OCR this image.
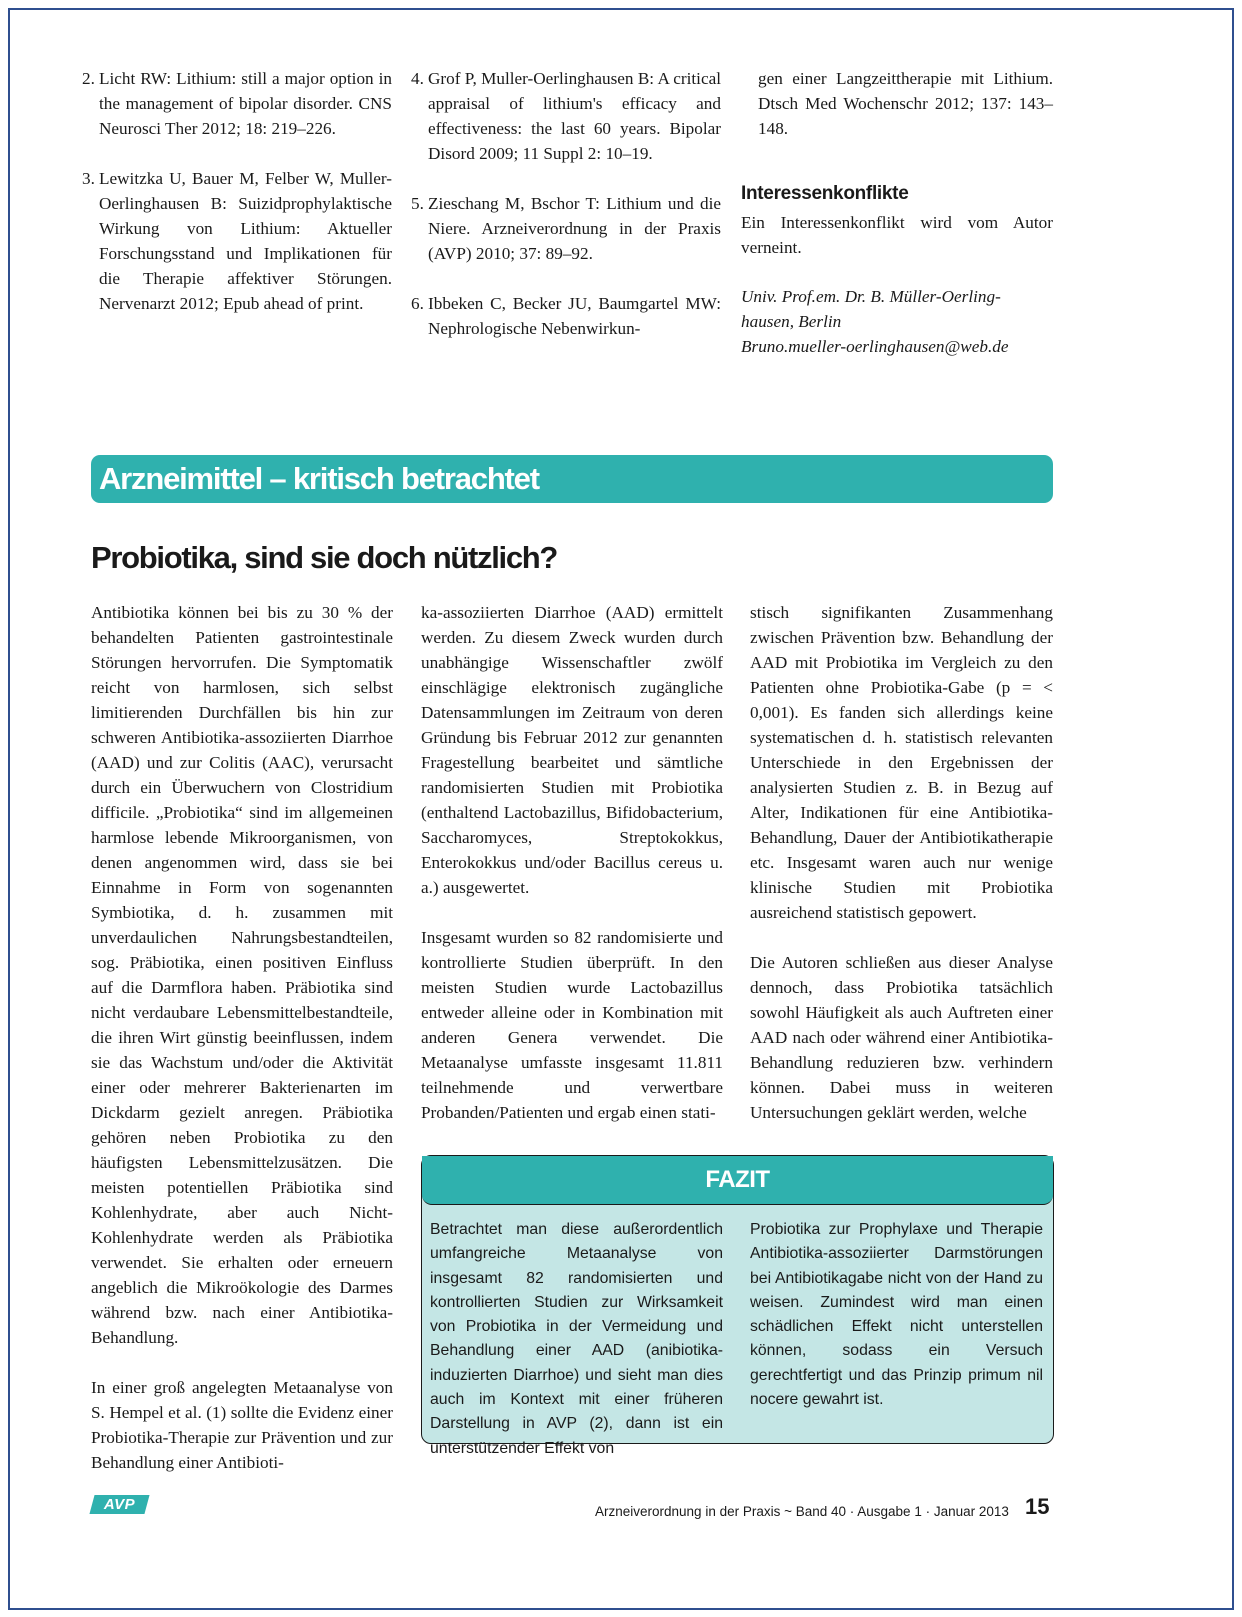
2. Licht RW: Lithium: still a major option in the management of bipolar disorder. CNS Neurosci Ther 2012; 18: 219–226.
3. Lewitzka U, Bauer M, Felber W, Muller-Oerlinghausen B: Suizidprophylaktische Wirkung von Lithium: Aktueller Forschungsstand und Implikationen für die Therapie affektiver Störungen. Nervenarzt 2012; Epub ahead of print.
4. Grof P, Muller-Oerlinghausen B: A critical appraisal of lithium's efficacy and effectiveness: the last 60 years. Bipolar Disord 2009; 11 Suppl 2: 10–19.
5. Zieschang M, Bschor T: Lithium und die Niere. Arzneiverordnung in der Praxis (AVP) 2010; 37: 89–92.
6. Ibbeken C, Becker JU, Baumgartel MW: Nephrologische Nebenwirkun-

gen einer Langzeittherapie mit Lithium. Dtsch Med Wochenschr 2012; 137: 143–148.

Interessenkonflikte

Ein Interessenkonflikt wird vom Autor verneint.

Univ. Prof.em. Dr. B. Müller-Oerling-
hausen, Berlin
Bruno.mueller-oerlinghausen@web.de
Arzneimittel – kritisch betrachtet
Probiotika, sind sie doch nützlich?

Antibiotika können bei bis zu 30 % der behandelten Patienten gastrointestinale Störungen hervorrufen. Die Symptomatik reicht von harmlosen, sich selbst limitierenden Durchfällen bis hin zur schweren Antibiotika-assoziierten Diarrhoe (AAD) und zur Colitis (AAC), verursacht durch ein Überwuchern von Clostridium difficile. „Probiotika“ sind im allgemeinen harmlose lebende Mikroorganismen, von denen angenommen wird, dass sie bei Einnahme in Form von sogenannten Symbiotika, d. h. zusammen mit unverdaulichen Nahrungsbestandteilen, sog. Präbiotika, einen positiven Einfluss auf die Darmflora haben. Präbiotika sind nicht verdaubare Lebensmittelbestandteile, die ihren Wirt günstig beeinflussen, indem sie das Wachstum und/oder die Aktivität einer oder mehrerer Bakterienarten im Dickdarm gezielt anregen. Präbiotika gehören neben Probiotika zu den häufigsten Lebensmittelzusätzen. Die meisten potentiellen Präbiotika sind Kohlenhydrate, aber auch Nicht-Kohlenhydrate werden als Präbiotika verwendet. Sie erhalten oder erneuern angeblich die Mikroökologie des Darmes während bzw. nach einer Antibiotika-Behandlung.

In einer groß angelegten Metaanalyse von S. Hempel et al. (1) sollte die Evidenz einer Probiotika-Therapie zur Prävention und zur Behandlung einer Antibioti-

ka-assoziierten Diarrhoe (AAD) ermittelt werden. Zu diesem Zweck wurden durch unabhängige Wissenschaftler zwölf einschlägige elektronisch zugängliche Datensammlungen im Zeitraum von deren Gründung bis Februar 2012 zur genannten Fragestellung bearbeitet und sämtliche randomisierten Studien mit Probiotika (enthaltend Lactobazillus, Bifidobacterium, Saccharomyces, Streptokokkus, Enterokokkus und/oder Bacillus cereus u. a.) ausgewertet.

Insgesamt wurden so 82 randomisierte und kontrollierte Studien überprüft. In den meisten Studien wurde Lactobazillus entweder alleine oder in Kombination mit anderen Genera verwendet. Die Metaanalyse umfasste insgesamt 11.811 teilnehmende und verwertbare Probanden/Patienten und ergab einen stati-

stisch signifikanten Zusammenhang zwischen Prävention bzw. Behandlung der AAD mit Probiotika im Vergleich zu den Patienten ohne Probiotika-Gabe (p = < 0,001). Es fanden sich allerdings keine systematischen d. h. statistisch relevanten Unterschiede in den Ergebnissen der analysierten Studien z. B. in Bezug auf Alter, Indikationen für eine Antibiotika-Behandlung, Dauer der Antibiotikatherapie etc. Insgesamt waren auch nur wenige klinische Studien mit Probiotika ausreichend statistisch gepowert.

Die Autoren schließen aus dieser Analyse dennoch, dass Probiotika tatsächlich sowohl Häufigkeit als auch Auftreten einer AAD nach oder während einer Antibiotika-Behandlung reduzieren bzw. verhindern können. Dabei muss in weiteren Untersuchungen geklärt werden, welche

FAZIT
Betrachtet man diese außerordentlich umfangreiche Metaanalyse von insgesamt 82 randomisierten und kontrollierten Studien zur Wirksamkeit von Probiotika in der Vermeidung und Behandlung einer AAD (anibiotika-induzierten Diarrhoe) und sieht man dies auch im Kontext mit einer früheren Darstellung in AVP (2), dann ist ein unterstützender Effekt von
Probiotika zur Prophylaxe und Therapie Antibiotika-assoziierter Darmstörungen bei Antibiotikagabe nicht von der Hand zu weisen. Zumindest wird man einen schädlichen Effekt nicht unterstellen können, sodass ein Versuch gerechtfertigt und das Prinzip primum nil nocere gewahrt ist.
AVP	Arzneiverordnung in der Praxis ~ Band 40 · Ausgabe 1 · Januar 2013 15
